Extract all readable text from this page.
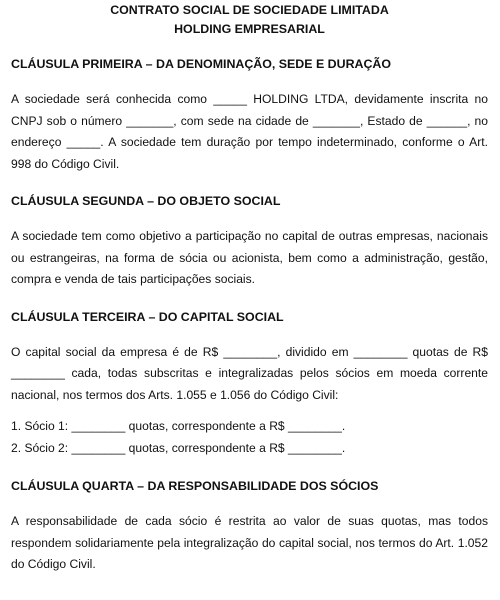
CONTRATO SOCIAL DE SOCIEDADE LIMITADA
HOLDING EMPRESARIAL
CLÁUSULA PRIMEIRA – DA DENOMINAÇÃO, SEDE E DURAÇÃO

A sociedade será conhecida como _____ HOLDING LTDA, devidamente inscrita no CNPJ sob o número _______, com sede na cidade de _______, Estado de ______, no endereço _____. A sociedade tem duração por tempo indeterminado, conforme o Art. 998 do Código Civil.

CLÁUSULA SEGUNDA – DO OBJETO SOCIAL

A sociedade tem como objetivo a participação no capital de outras empresas, nacionais ou estrangeiras, na forma de sócia ou acionista, bem como a administração, gestão, compra e venda de tais participações sociais.

CLÁUSULA TERCEIRA – DO CAPITAL SOCIAL

O capital social da empresa é de R$ ________, dividido em ________ quotas de R$ ________ cada, todas subscritas e integralizadas pelos sócios em moeda corrente nacional, nos termos dos Arts. 1.055 e 1.056 do Código Civil:

1. Sócio 1: ________ quotas, correspondente a R$ ________.
2. Sócio 2: ________ quotas, correspondente a R$ ________.
CLÁUSULA QUARTA – DA RESPONSABILIDADE DOS SÓCIOS

A responsabilidade de cada sócio é restrita ao valor de suas quotas, mas todos respondem solidariamente pela integralização do capital social, nos termos do Art. 1.052 do Código Civil.
